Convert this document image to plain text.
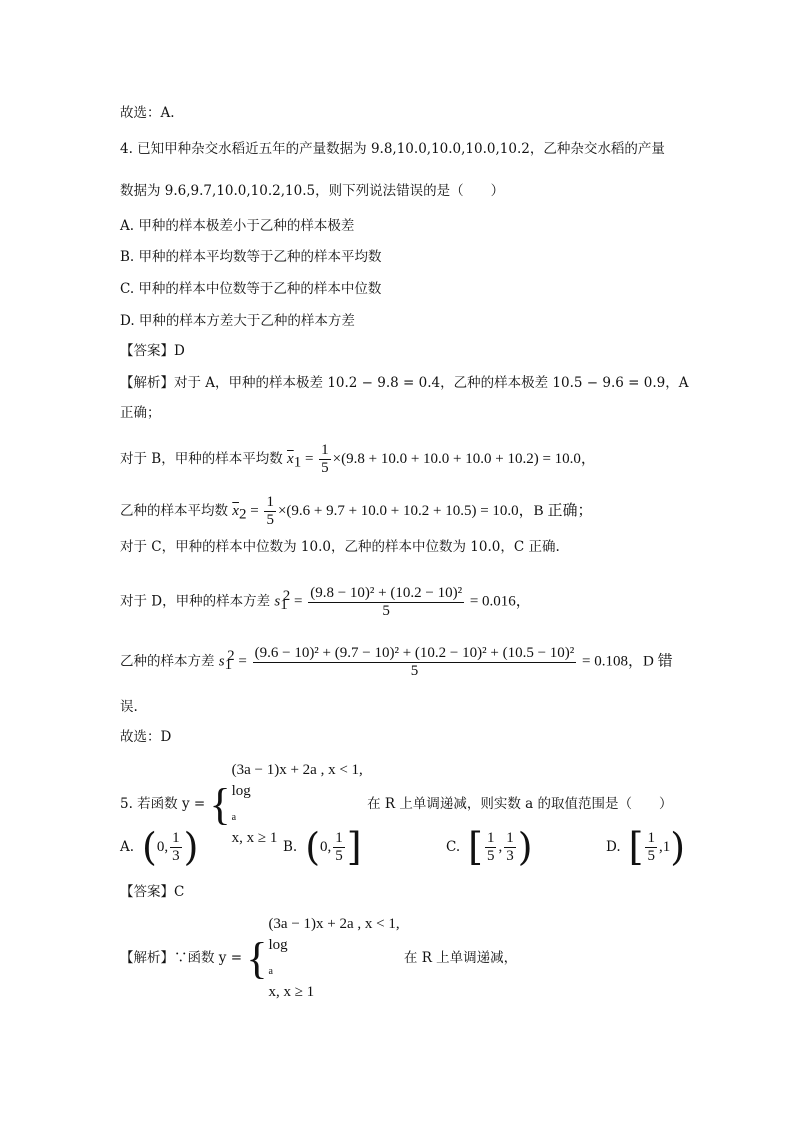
故选：A.
4. 已知甲种杂交水稻近五年的产量数据为 9.8,10.0,10.0,10.0,10.2，乙种杂交水稻的产量
数据为 9.6,9.7,10.0,10.2,10.5，则下列说法错误的是（　　）
A. 甲种的样本极差小于乙种的样本极差
B. 甲种的样本平均数等于乙种的样本平均数
C. 甲种的样本中位数等于乙种的样本中位数
D. 甲种的样本方差大于乙种的样本方差
【答案】D
【解析】对于 A，甲种的样本极差 10.2 − 9.8 = 0.4，乙种的样本极差 10.5 − 9.6 = 0.9，A
正确；
对于 B，甲种的样本平均数 $\overline{x}_1 = \frac{1}{5} \times(9.8 + 10.0 + 10.0 + 10.0 + 10.2) = 10.0$，
乙种的样本平均数 $\overline{x}_2 = \frac{1}{5} \times(9.6 + 9.7 + 10.0 + 10.2 + 10.5) = 10.0$，B 正确；
对于 C，甲种的样本中位数为 10.0，乙种的样本中位数为 10.0，C 正确.
对于 D，甲种的样本方差 $s_1^2 = \frac{\text{(9.8 − 10)² + (10.2 − 10)²}}{5} = 0.016$，
乙种的样本方差 $s_1^2 = \frac{\text{(9.6 − 10)² + (9.7 − 10)² + (10.2 − 10)² + (10.5 − 10)²}}{5} = 0.108$，D 错
误.
故选：D
5. 若函数 y = {
(3a − 1)x + 2a , x < 1,
log
$_a$
x, x ≥ 1
在 R 上单调递减，则实数 a 的取值范围是（　　）
A. ( 0, $\frac{1}{3}$ )	B. ( 0, $\frac{1}{5}$ ]	C. [ $\frac{1}{5}$ , $\frac{1}{3}$ )	D. [ $\frac{1}{5}$ , 1 )
【答案】C
【解析】∵函数 y = {
(3a − 1)x + 2a , x < 1,
log
$_a$
x, x ≥ 1
在 R 上单调递减，
